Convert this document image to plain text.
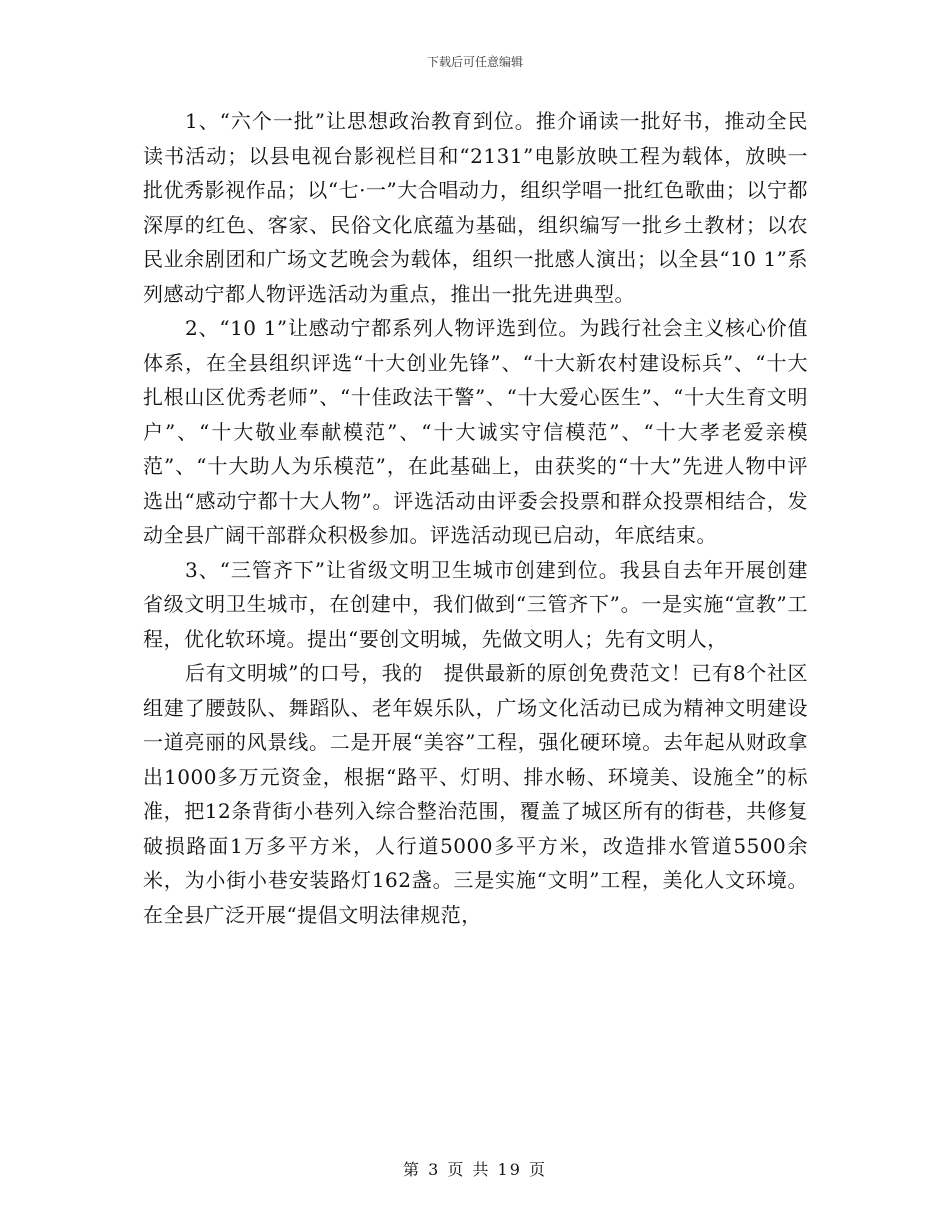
下载后可任意编辑

1、“六个一批”让思想政治教育到位。推介诵读一批好书，推动全民读书活动；以县电视台影视栏目和“2131”电影放映工程为载体，放映一批优秀影视作品；以“七·一”大合唱动力，组织学唱一批红色歌曲；以宁都深厚的红色、客家、民俗文化底蕴为基础，组织编写一批乡土教材；以农民业余剧团和广场文艺晚会为载体，组织一批感人演出；以全县“10 1”系列感动宁都人物评选活动为重点，推出一批先进典型。

2、“10 1”让感动宁都系列人物评选到位。为践行社会主义核心价值体系，在全县组织评选“十大创业先锋”、“十大新农村建设标兵”、“十大扎根山区优秀老师”、“十佳政法干警”、“十大爱心医生”、“十大生育文明户”、“十大敬业奉献模范”、“十大诚实守信模范”、“十大孝老爱亲模范”、“十大助人为乐模范”，在此基础上，由获奖的“十大”先进人物中评选出“感动宁都十大人物”。评选活动由评委会投票和群众投票相结合，发动全县广阔干部群众积极参加。评选活动现已启动，年底结束。

3、“三管齐下”让省级文明卫生城市创建到位。我县自去年开展创建省级文明卫生城市，在创建中，我们做到“三管齐下”。一是实施“宣教”工程，优化软环境。提出“要创文明城，先做文明人；先有文明人，

后有文明城”的口号，我的　提供最新的原创免费范文！已有8个社区组建了腰鼓队、舞蹈队、老年娱乐队，广场文化活动已成为精神文明建设一道亮丽的风景线。二是开展“美容”工程，强化硬环境。去年起从财政拿出1000多万元资金，根据“路平、灯明、排水畅、环境美、设施全”的标准，把12条背街小巷列入综合整治范围，覆盖了城区所有的街巷，共修复破损路面1万多平方米，人行道5000多平方米，改造排水管道5500余米，为小街小巷安装路灯162盏。三是实施“文明”工程，美化人文环境。在全县广泛开展“提倡文明法律规范，

第 3 页 共 19 页
